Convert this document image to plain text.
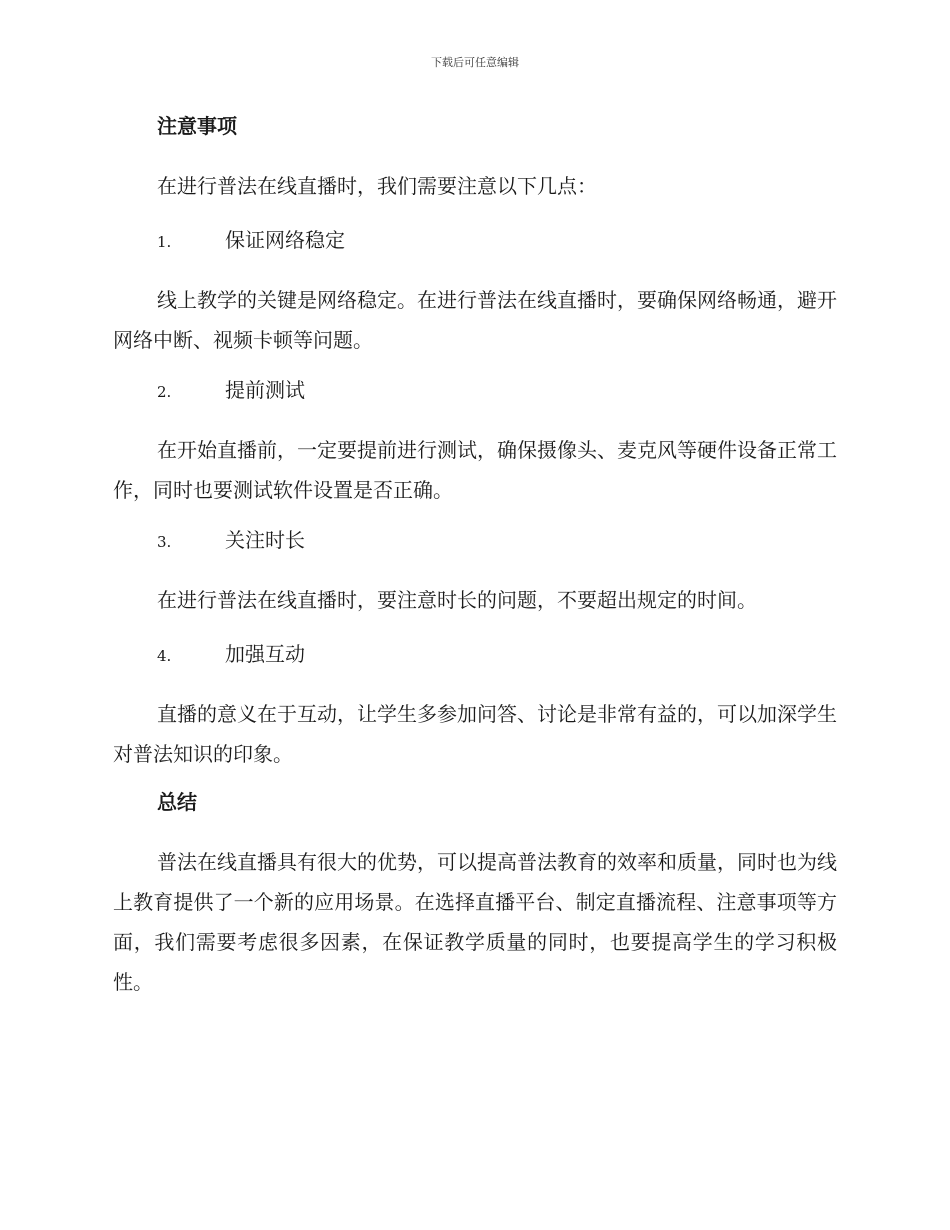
下载后可任意编辑
注意事项

在进行普法在线直播时，我们需要注意以下几点：

1.	保证网络稳定

线上教学的关键是网络稳定。在进行普法在线直播时，要确保网络畅通，避开网络中断、视频卡顿等问题。

2.	提前测试

在开始直播前，一定要提前进行测试，确保摄像头、麦克风等硬件设备正常工作，同时也要测试软件设置是否正确。

3.	关注时长

在进行普法在线直播时，要注意时长的问题，不要超出规定的时间。

4.	加强互动

直播的意义在于互动，让学生多参加问答、讨论是非常有益的，可以加深学生对普法知识的印象。

总结

普法在线直播具有很大的优势，可以提高普法教育的效率和质量，同时也为线上教育提供了一个新的应用场景。在选择直播平台、制定直播流程、注意事项等方面，我们需要考虑很多因素，在保证教学质量的同时，也要提高学生的学习积极性。
